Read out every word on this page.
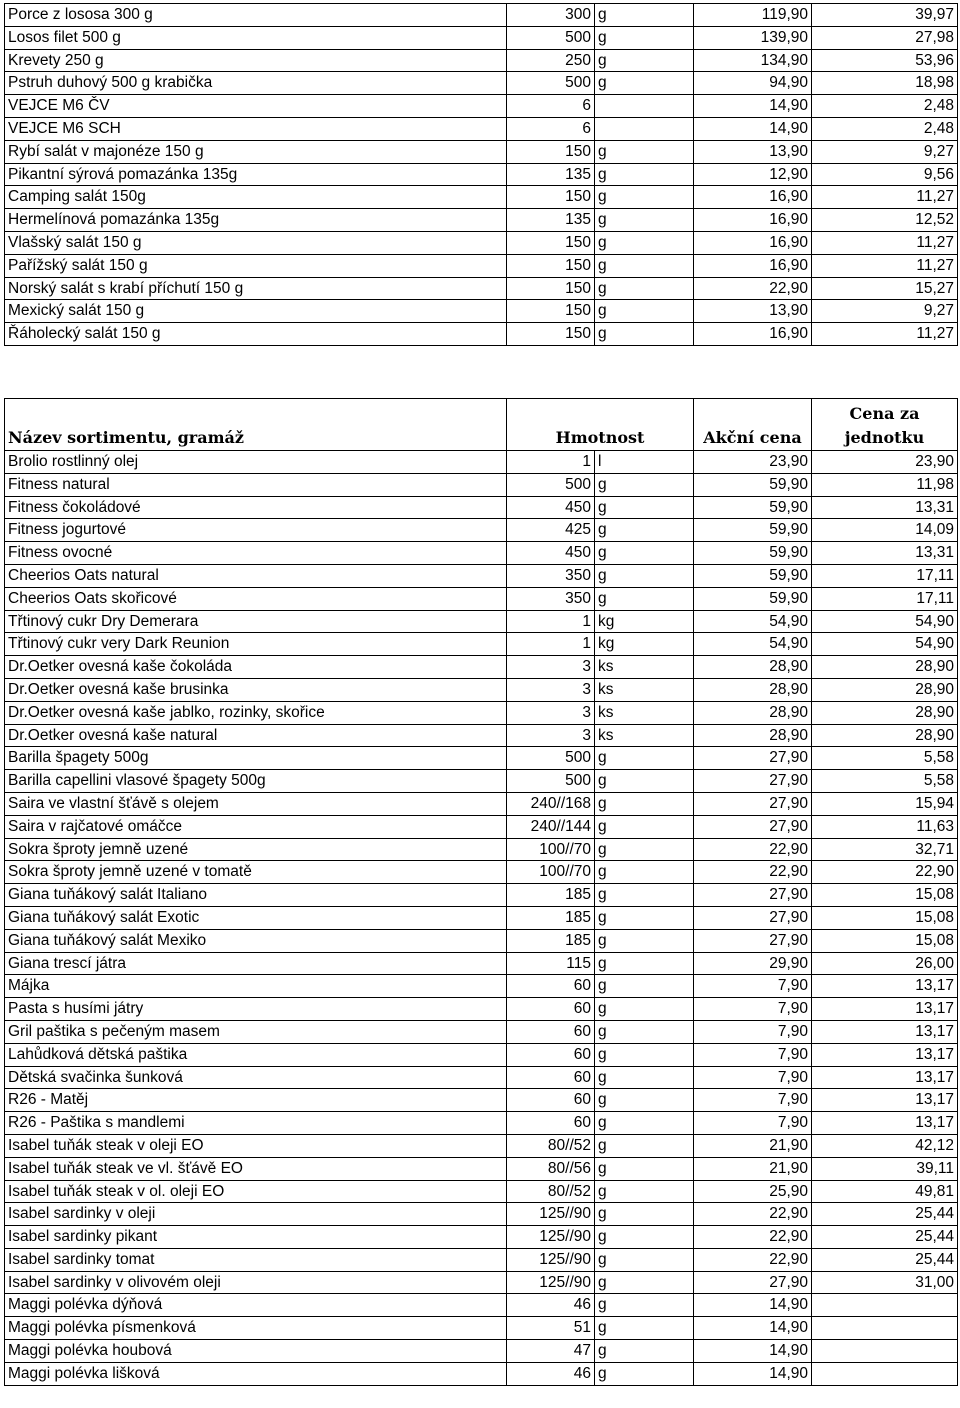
Porce z lososa 300 g	300	g	119,90	39,97
Losos filet 500 g	500	g	139,90	27,98
Krevety 250 g	250	g	134,90	53,96
Pstruh duhový 500 g krabička	500	g	94,90	18,98
VEJCE M6 ČV	6		14,90	2,48
VEJCE M6 SCH	6		14,90	2,48
Rybí salát v majonéze 150 g	150	g	13,90	9,27
Pikantní sýrová pomazánka 135g	135	g	12,90	9,56
Camping salát 150g	150	g	16,90	11,27
Hermelínová pomazánka 135g	135	g	16,90	12,52
Vlašský salát 150 g	150	g	16,90	11,27
Pařížský salát 150 g	150	g	16,90	11,27
Norský salát s krabí příchutí 150 g	150	g	22,90	15,27
Mexický salát 150 g	150	g	13,90	9,27
Řáholecký salát 150 g	150	g	16,90	11,27
Název sortimentu, gramáž	Hmotnost		Akční cena	Cena za jednotku
Brolio rostlinný olej	1	l	23,90	23,90
Fitness natural	500	g	59,90	11,98
Fitness čokoládové	450	g	59,90	13,31
Fitness jogurtové	425	g	59,90	14,09
Fitness ovocné	450	g	59,90	13,31
Cheerios Oats natural	350	g	59,90	17,11
Cheerios Oats skořicové	350	g	59,90	17,11
Třtinový cukr Dry Demerara	1	kg	54,90	54,90
Třtinový cukr very Dark Reunion	1	kg	54,90	54,90
Dr.Oetker ovesná kaše čokoláda	3	ks	28,90	28,90
Dr.Oetker ovesná kaše brusinka	3	ks	28,90	28,90
Dr.Oetker ovesná kaše jablko, rozinky, skořice	3	ks	28,90	28,90
Dr.Oetker ovesná kaše natural	3	ks	28,90	28,90
Barilla špagety 500g	500	g	27,90	5,58
Barilla capellini vlasové špagety 500g	500	g	27,90	5,58
Saira ve vlastní šťávě s olejem	240//168	g	27,90	15,94
Saira v rajčatové omáčce	240//144	g	27,90	11,63
Sokra šproty jemně uzené	100//70	g	22,90	32,71
Sokra šproty jemně uzené v tomatě	100//70	g	22,90	22,90
Giana tuňákový salát Italiano	185	g	27,90	15,08
Giana tuňákový salát Exotic	185	g	27,90	15,08
Giana tuňákový salát Mexiko	185	g	27,90	15,08
Giana trescí játra	115	g	29,90	26,00
Májka	60	g	7,90	13,17
Pasta s husími játry	60	g	7,90	13,17
Gril paštika s pečeným masem	60	g	7,90	13,17
Lahůdková dětská paštika	60	g	7,90	13,17
Dětská svačinka šunková	60	g	7,90	13,17
R26 - Matěj	60	g	7,90	13,17
R26 - Paštika s mandlemi	60	g	7,90	13,17
Isabel tuňák steak v oleji EO	80//52	g	21,90	42,12
Isabel tuňák steak ve vl. šťávě EO	80//56	g	21,90	39,11
Isabel tuňák steak v ol. oleji EO	80//52	g	25,90	49,81
Isabel sardinky v oleji	125//90	g	22,90	25,44
Isabel sardinky pikant	125//90	g	22,90	25,44
Isabel sardinky tomat	125//90	g	22,90	25,44
Isabel sardinky v olivovém oleji	125//90	g	27,90	31,00
Maggi polévka dýňová	46	g	14,90	
Maggi polévka písmenková	51	g	14,90	
Maggi polévka houbová	47	g	14,90	
Maggi polévka lišková	46	g	14,90	
